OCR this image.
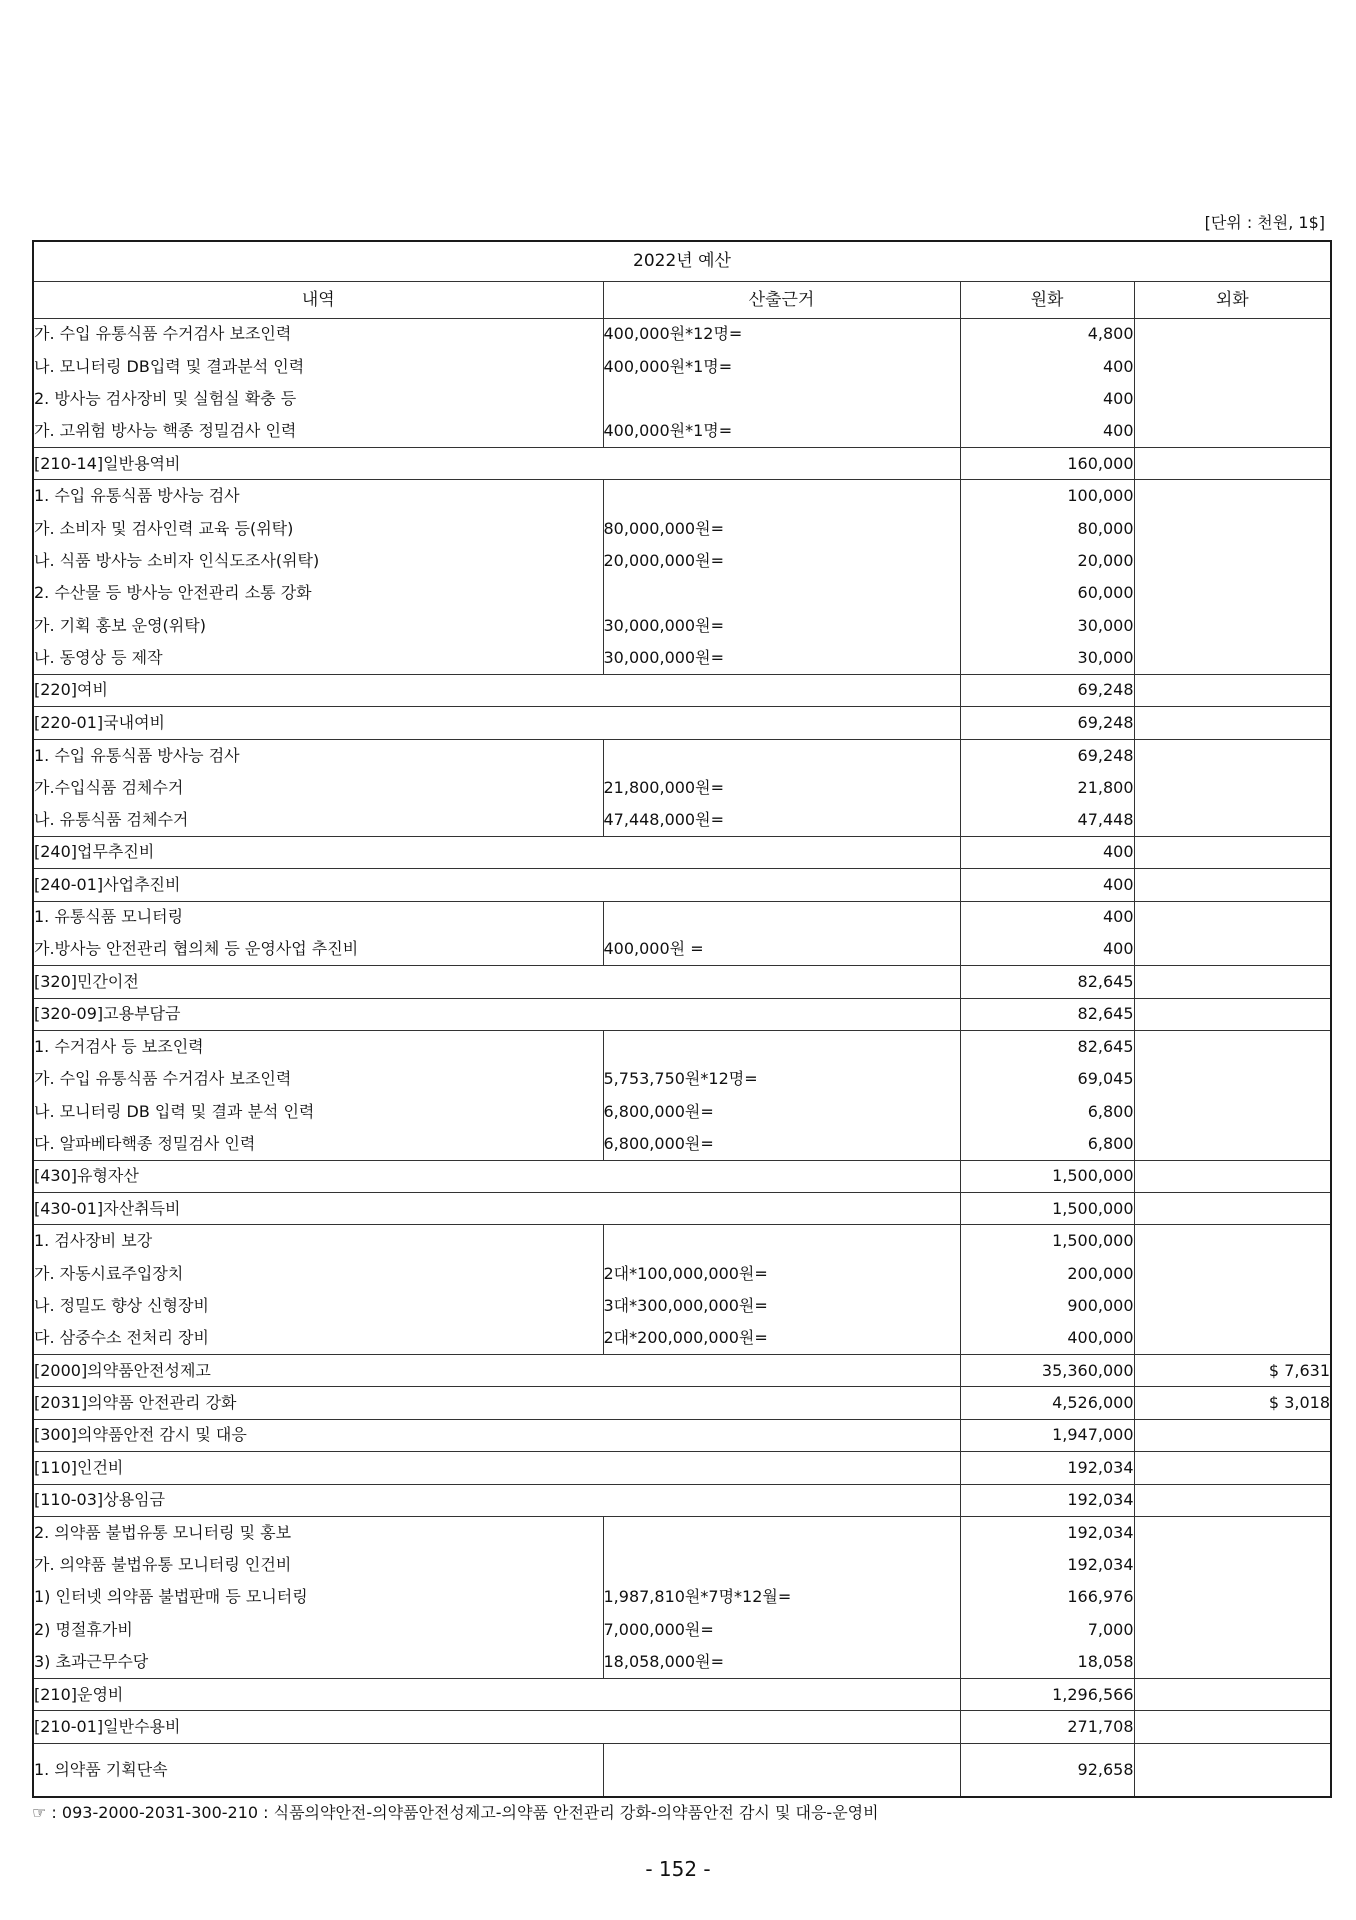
[단위 : 천원, 1$]
2022년 예산			
내역	산출근거	원화	외화
가. 수입 유통식품 수거검사 보조인력	400,000원*12명=	4,800	
나. 모니터링 DB입력 및 결과분석 인력	400,000원*1명=	400	
2. 방사능 검사장비 및 실험실 확충 등		400	
가. 고위험 방사능 핵종 정밀검사 인력	400,000원*1명=	400	
[210-14]일반용역비		160,000	
1. 수입 유통식품 방사능 검사		100,000	
가. 소비자 및 검사인력 교육 등(위탁)	80,000,000원=	80,000	
나. 식품 방사능 소비자 인식도조사(위탁)	20,000,000원=	20,000	
2. 수산물 등 방사능 안전관리 소통 강화		60,000	
가. 기획 홍보 운영(위탁)	30,000,000원=	30,000	
나. 동영상 등 제작	30,000,000원=	30,000	
[220]여비		69,248	
[220-01]국내여비		69,248	
1. 수입 유통식품 방사능 검사		69,248	
가.수입식품 검체수거	21,800,000원=	21,800	
나. 유통식품 검체수거	47,448,000원=	47,448	
[240]업무추진비		400	
[240-01]사업추진비		400	
1. 유통식품 모니터링		400	
가.방사능 안전관리 협의체 등 운영사업 추진비	400,000원 =	400	
[320]민간이전		82,645	
[320-09]고용부담금		82,645	
1. 수거검사 등 보조인력		82,645	
가. 수입 유통식품 수거검사 보조인력	5,753,750원*12명=	69,045	
나. 모니터링 DB 입력 및 결과 분석 인력	6,800,000원=	6,800	
다. 알파베타핵종 정밀검사 인력	6,800,000원=	6,800	
[430]유형자산		1,500,000	
[430-01]자산취득비		1,500,000	
1. 검사장비 보강		1,500,000	
가. 자동시료주입장치	2대*100,000,000원=	200,000	
나. 정밀도 향상 신형장비	3대*300,000,000원=	900,000	
다. 삼중수소 전처리 장비	2대*200,000,000원=	400,000	
[2000]의약품안전성제고		35,360,000	$ 7,631
[2031]의약품 안전관리 강화		4,526,000	$ 3,018
[300]의약품안전 감시 및 대응		1,947,000	
[110]인건비		192,034	
[110-03]상용임금		192,034	
2. 의약품 불법유통 모니터링 및 홍보		192,034	
가. 의약품 불법유통 모니터링 인건비		192,034	
1) 인터넷 의약품 불법판매 등 모니터링	1,987,810원*7명*12월=	166,976	
2) 명절휴가비	7,000,000원=	7,000	
3) 초과근무수당	18,058,000원=	18,058	
[210]운영비		1,296,566	
[210-01]일반수용비		271,708	
1. 의약품 기획단속		92,658	
☞ : 093-2000-2031-300-210 : 식품의약안전-의약품안전성제고-의약품 안전관리 강화-의약품안전 감시 및 대응-운영비
- 152 -
